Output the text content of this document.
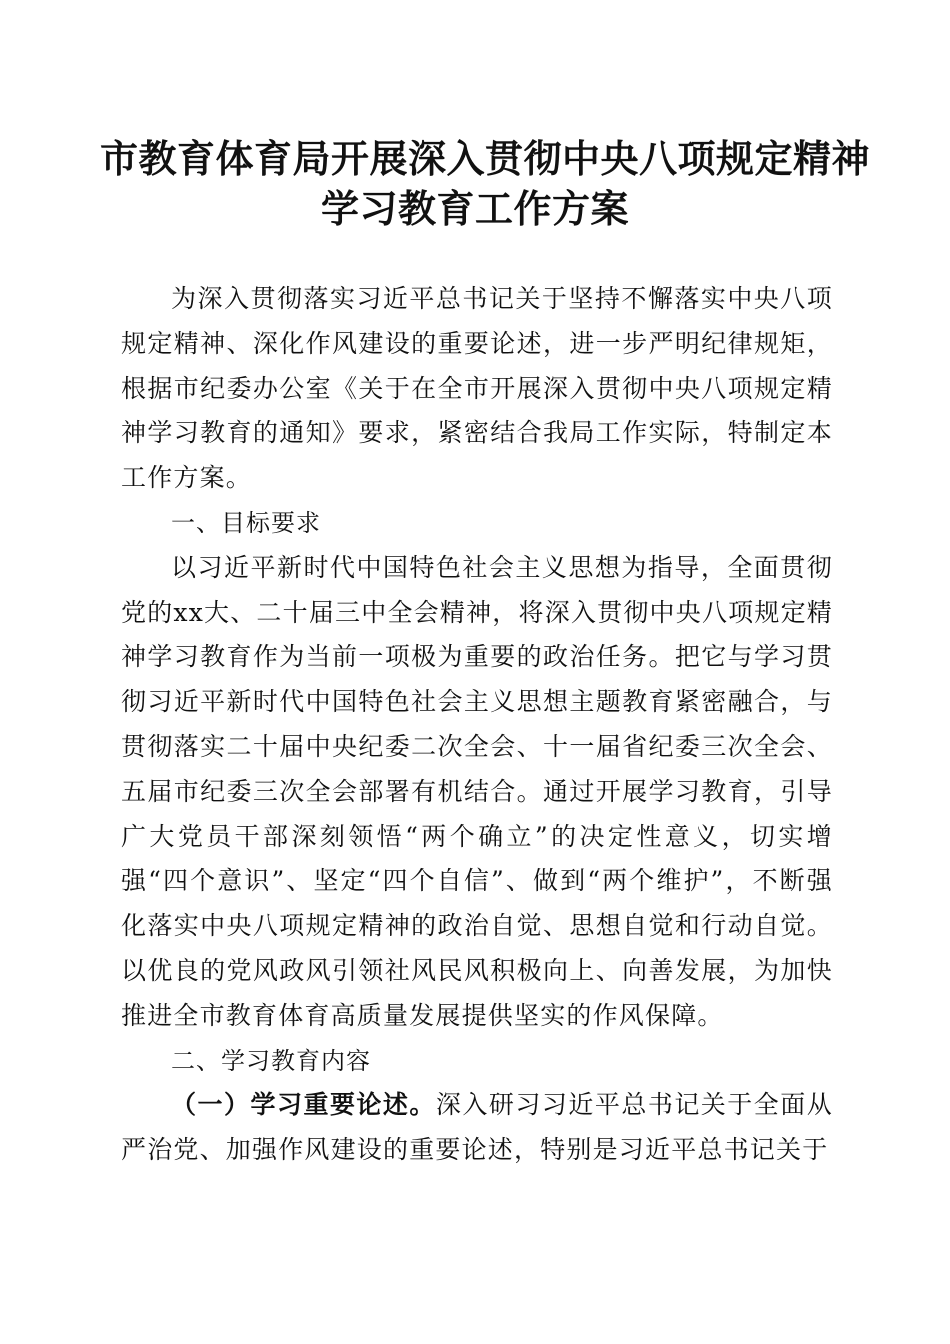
市教育体育局开展深入贯彻中央八项规定精神
学习教育工作方案

为深入贯彻落实习近平总书记关于坚持不懈落实中央八项规定精神、深化作风建设的重要论述，进一步严明纪律规矩，根据市纪委办公室《关于在全市开展深入贯彻中央八项规定精神学习教育的通知》要求，紧密结合我局工作实际，特制定本工作方案。

一、目标要求

以习近平新时代中国特色社会主义思想为指导，全面贯彻党的xx大、二十届三中全会精神，将深入贯彻中央八项规定精神学习教育作为当前一项极为重要的政治任务。把它与学习贯彻习近平新时代中国特色社会主义思想主题教育紧密融合，与贯彻落实二十届中央纪委二次全会、十一届省纪委三次全会、五届市纪委三次全会部署有机结合。通过开展学习教育，引导广大党员干部深刻领悟“两个确立”的决定性意义，切实增强“四个意识”、坚定“四个自信”、做到“两个维护”，不断强化落实中央八项规定精神的政治自觉、思想自觉和行动自觉。以优良的党风政风引领社风民风积极向上、向善发展，为加快推进全市教育体育高质量发展提供坚实的作风保障。

二、学习教育内容

（一）学习重要论述。深入研习习近平总书记关于全面从严治党、加强作风建设的重要论述，特别是习近平总书记关于
